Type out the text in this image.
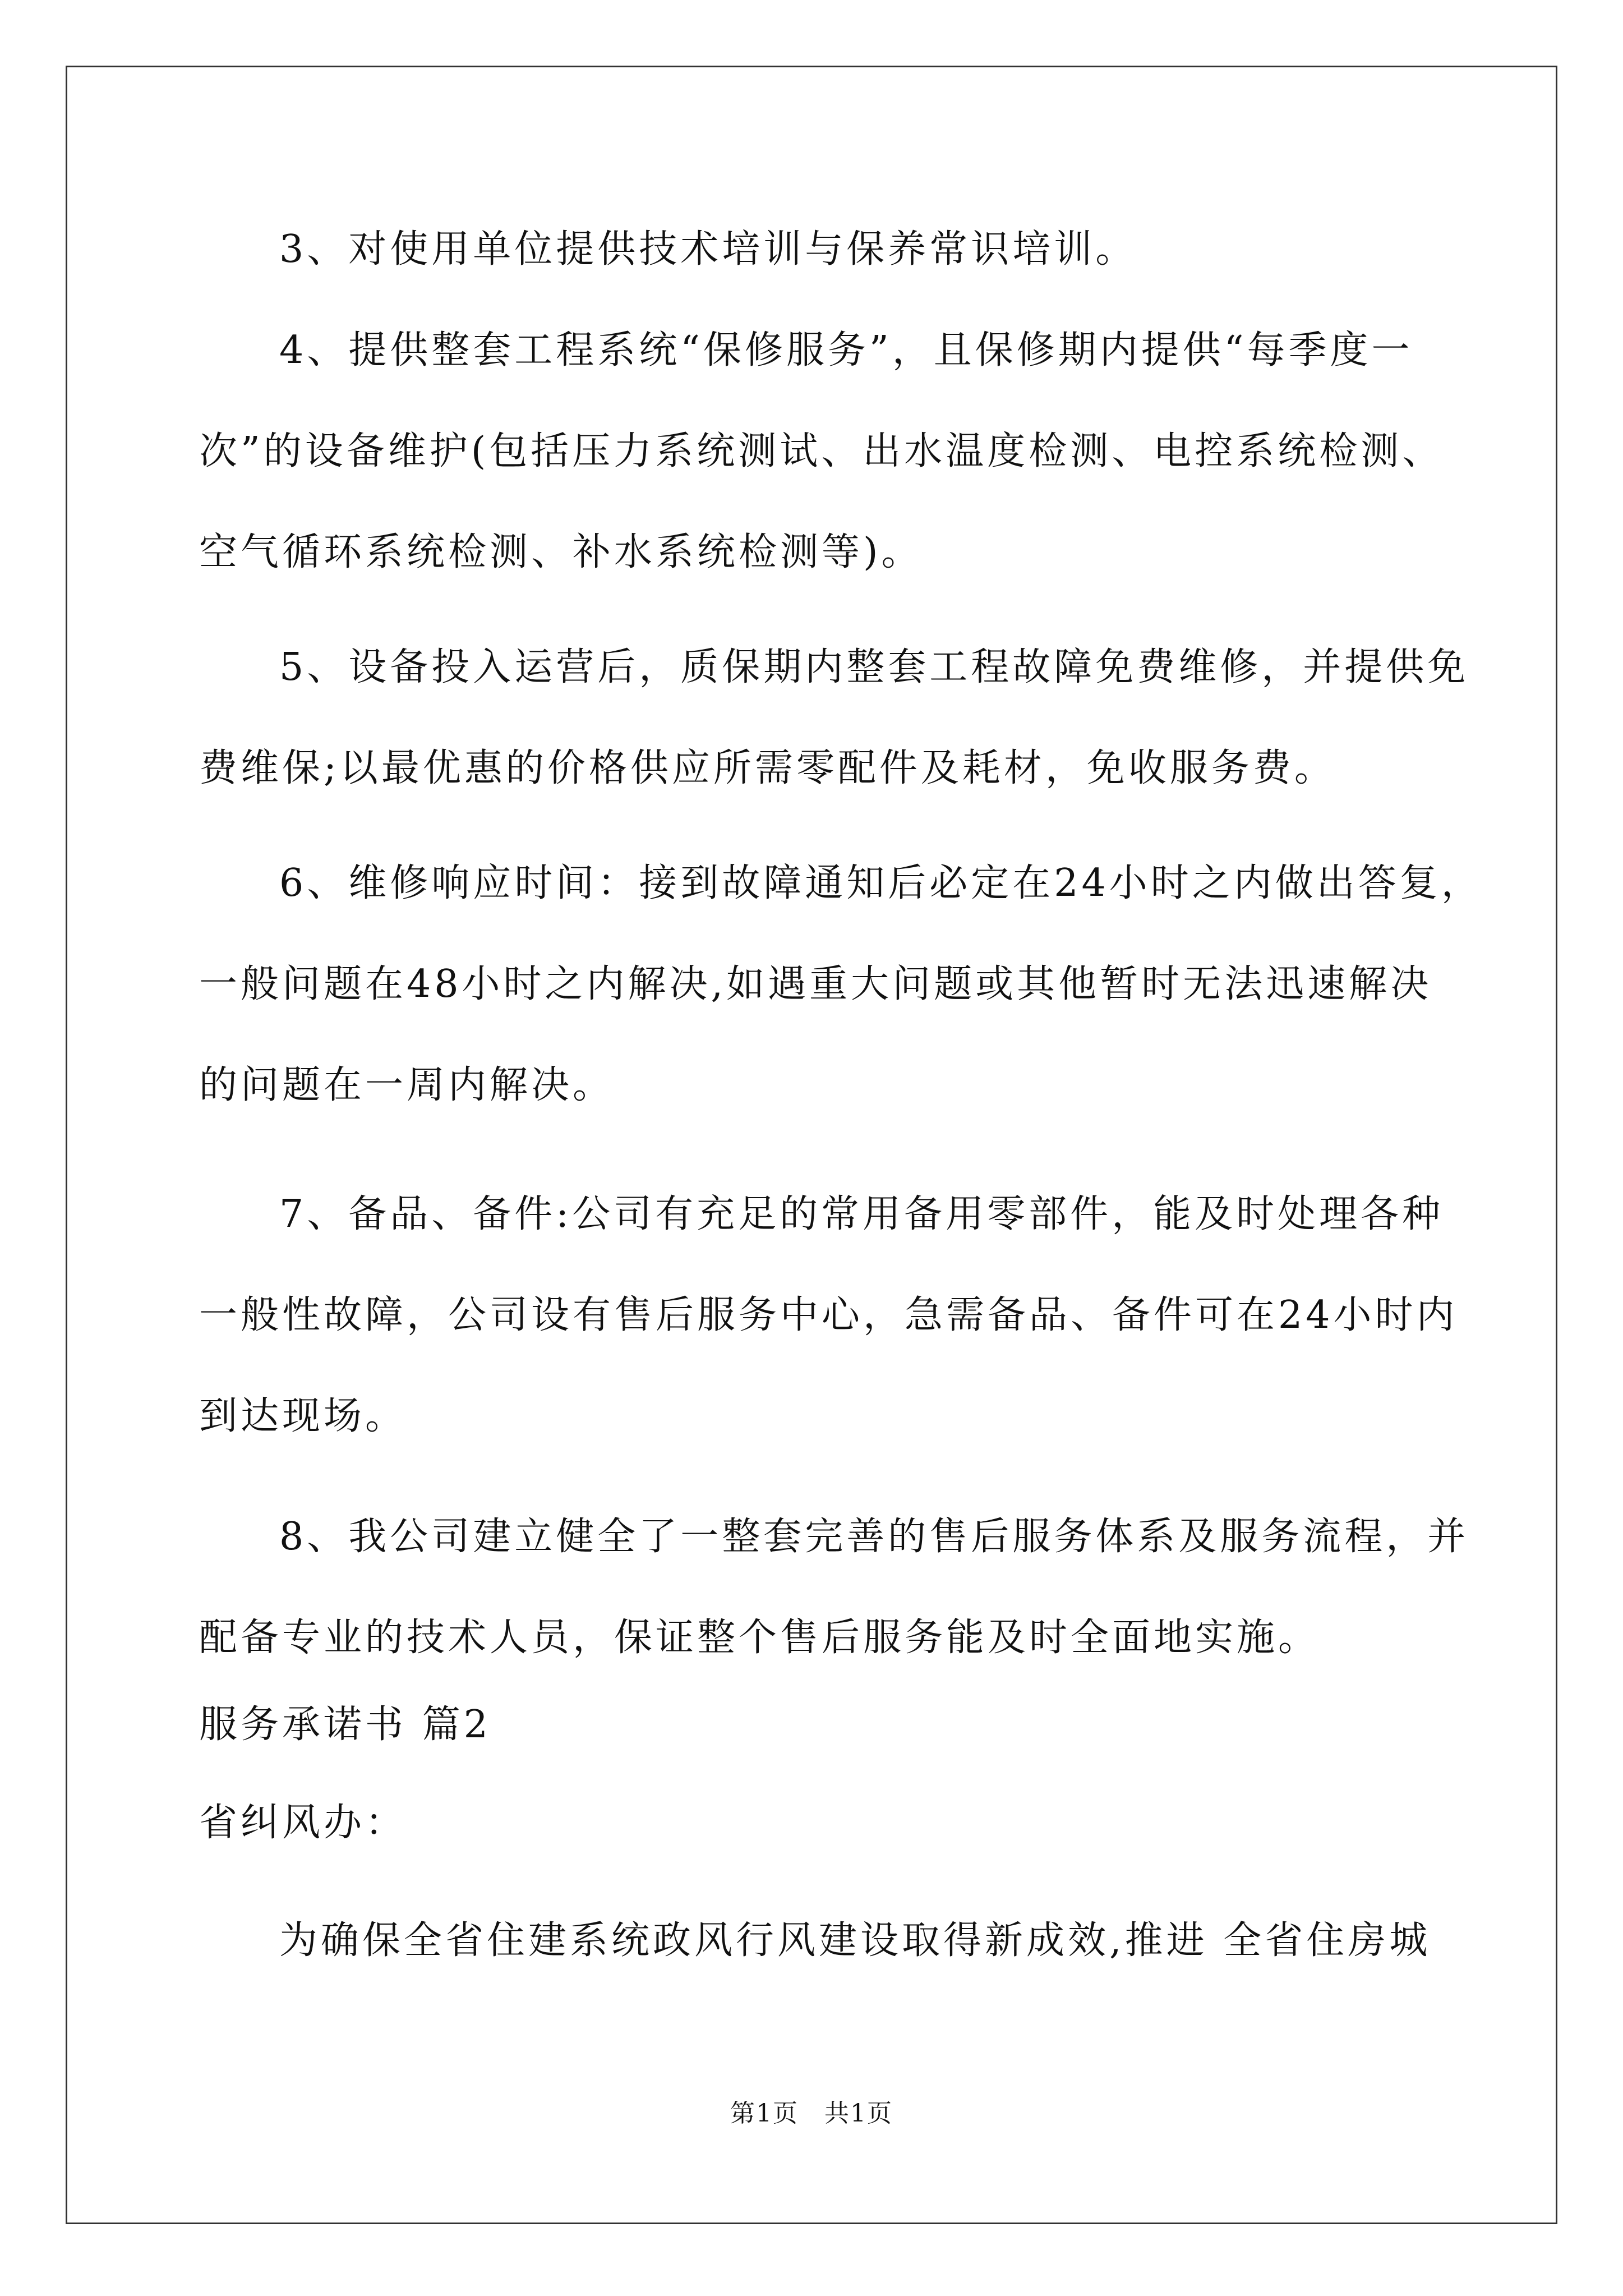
3、对使用单位提供技术培训与保养常识培训。
4、提供整套工程系统“保修服务”，且保修期内提供“每季度一
次”的设备维护(包括压力系统测试、出水温度检测、电控系统检测、
空气循环系统检测、补水系统检测等)。
5、设备投入运营后，质保期内整套工程故障免费维修，并提供免
费维保;以最优惠的价格供应所需零配件及耗材，免收服务费。
6、维修响应时间：接到故障通知后必定在24小时之内做出答复，
一般问题在48小时之内解决,如遇重大问题或其他暂时无法迅速解决
的问题在一周内解决。
7、备品、备件:公司有充足的常用备用零部件，能及时处理各种
一般性故障，公司设有售后服务中心，急需备品、备件可在24小时内
到达现场。
8、我公司建立健全了一整套完善的售后服务体系及服务流程，并
配备专业的技术人员，保证整个售后服务能及时全面地实施。
服务承诺书 篇2
省纠风办：
为确保全省住建系统政风行风建设取得新成效,推进 全省住房城
第1页　共1页
